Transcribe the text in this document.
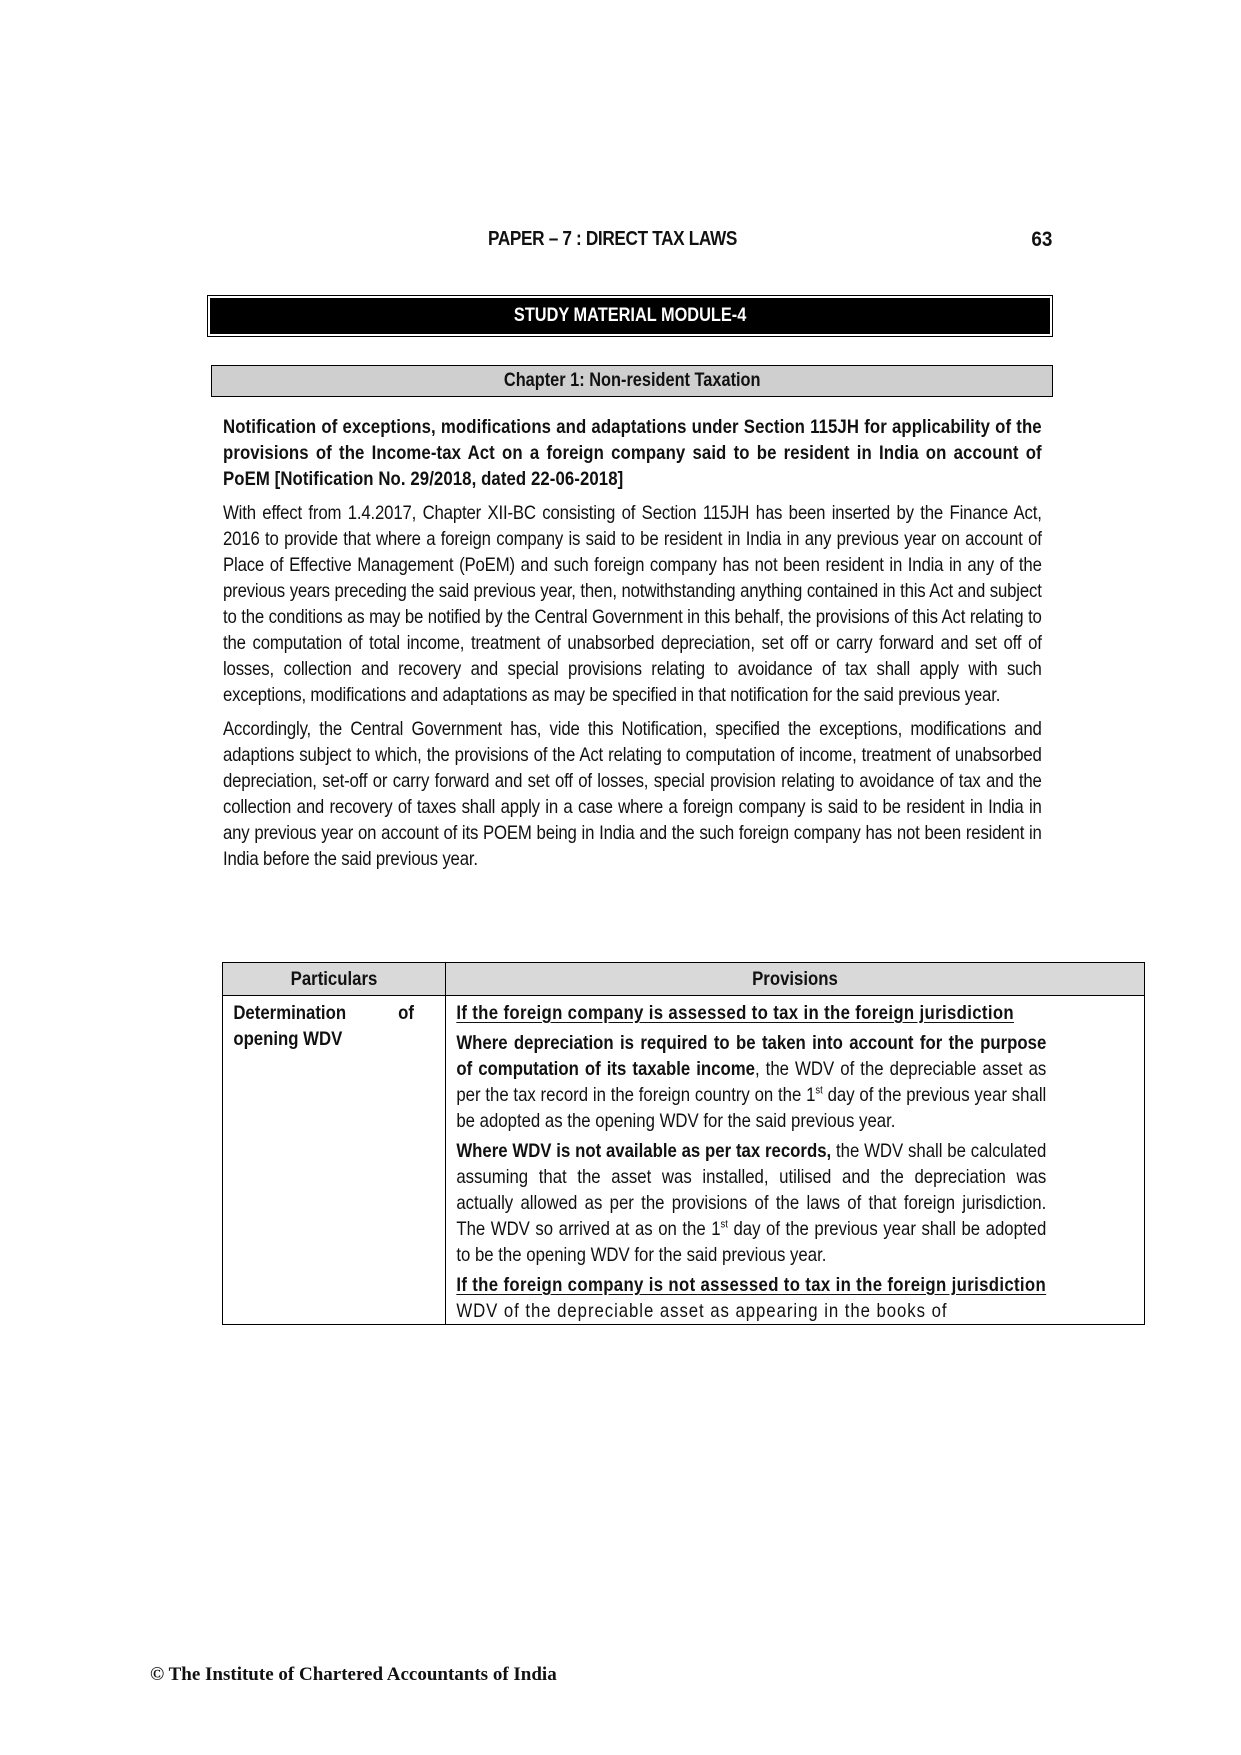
PAPER – 7 : DIRECT TAX LAWS	63
STUDY MATERIAL MODULE-4
Chapter 1: Non-resident Taxation

Notification of exceptions, modifications and adaptations under Section 115JH for applicability of the provisions of the Income-tax Act on a foreign company said to be resident in India on account of PoEM [Notification No. 29/2018, dated 22-06-2018]

With effect from 1.4.2017, Chapter XII-BC consisting of Section 115JH has been inserted by the Finance Act, 2016 to provide that where a foreign company is said to be resident in India in any previous year on account of Place of Effective Management (PoEM) and such foreign company has not been resident in India in any of the previous years preceding the said previous year, then, notwithstanding anything contained in this Act and subject to the conditions as may be notified by the Central Government in this behalf, the provisions of this Act relating to the computation of total income, treatment of unabsorbed depreciation, set off or carry forward and set off of losses, collection and recovery and special provisions relating to avoidance of tax shall apply with such exceptions, modifications and adaptations as may be specified in that notification for the said previous year.

Accordingly, the Central Government has, vide this Notification, specified the exceptions, modifications and adaptions subject to which, the provisions of the Act relating to computation of income, treatment of unabsorbed depreciation, set-off or carry forward and set off of losses, special provision relating to avoidance of tax and the collection and recovery of taxes shall apply in a case where a foreign company is said to be resident in India in any previous year on account of its POEM being in India and the such foreign company has not been resident in India before the said previous year.

Particulars	Provisions

Determination of opening WDV	If the foreign company is assessed to tax in the foreign jurisdiction
Where depreciation is required to be taken into account for the purpose of computation of its taxable income, the WDV of the depreciable asset as per the tax record in the foreign country on the 1st day of the previous year shall be adopted as the opening WDV for the said previous year.
Where WDV is not available as per tax records, the WDV shall be calculated assuming that the asset was installed, utilised and the depreciation was actually allowed as per the provisions of the laws of that foreign jurisdiction. The WDV so arrived at as on the 1st day of the previous year shall be adopted to be the opening WDV for the said previous year.
If the foreign company is not assessed to tax in the foreign jurisdiction
WDV of the depreciable asset as appearing in the books of
© The Institute of Chartered Accountants of India
